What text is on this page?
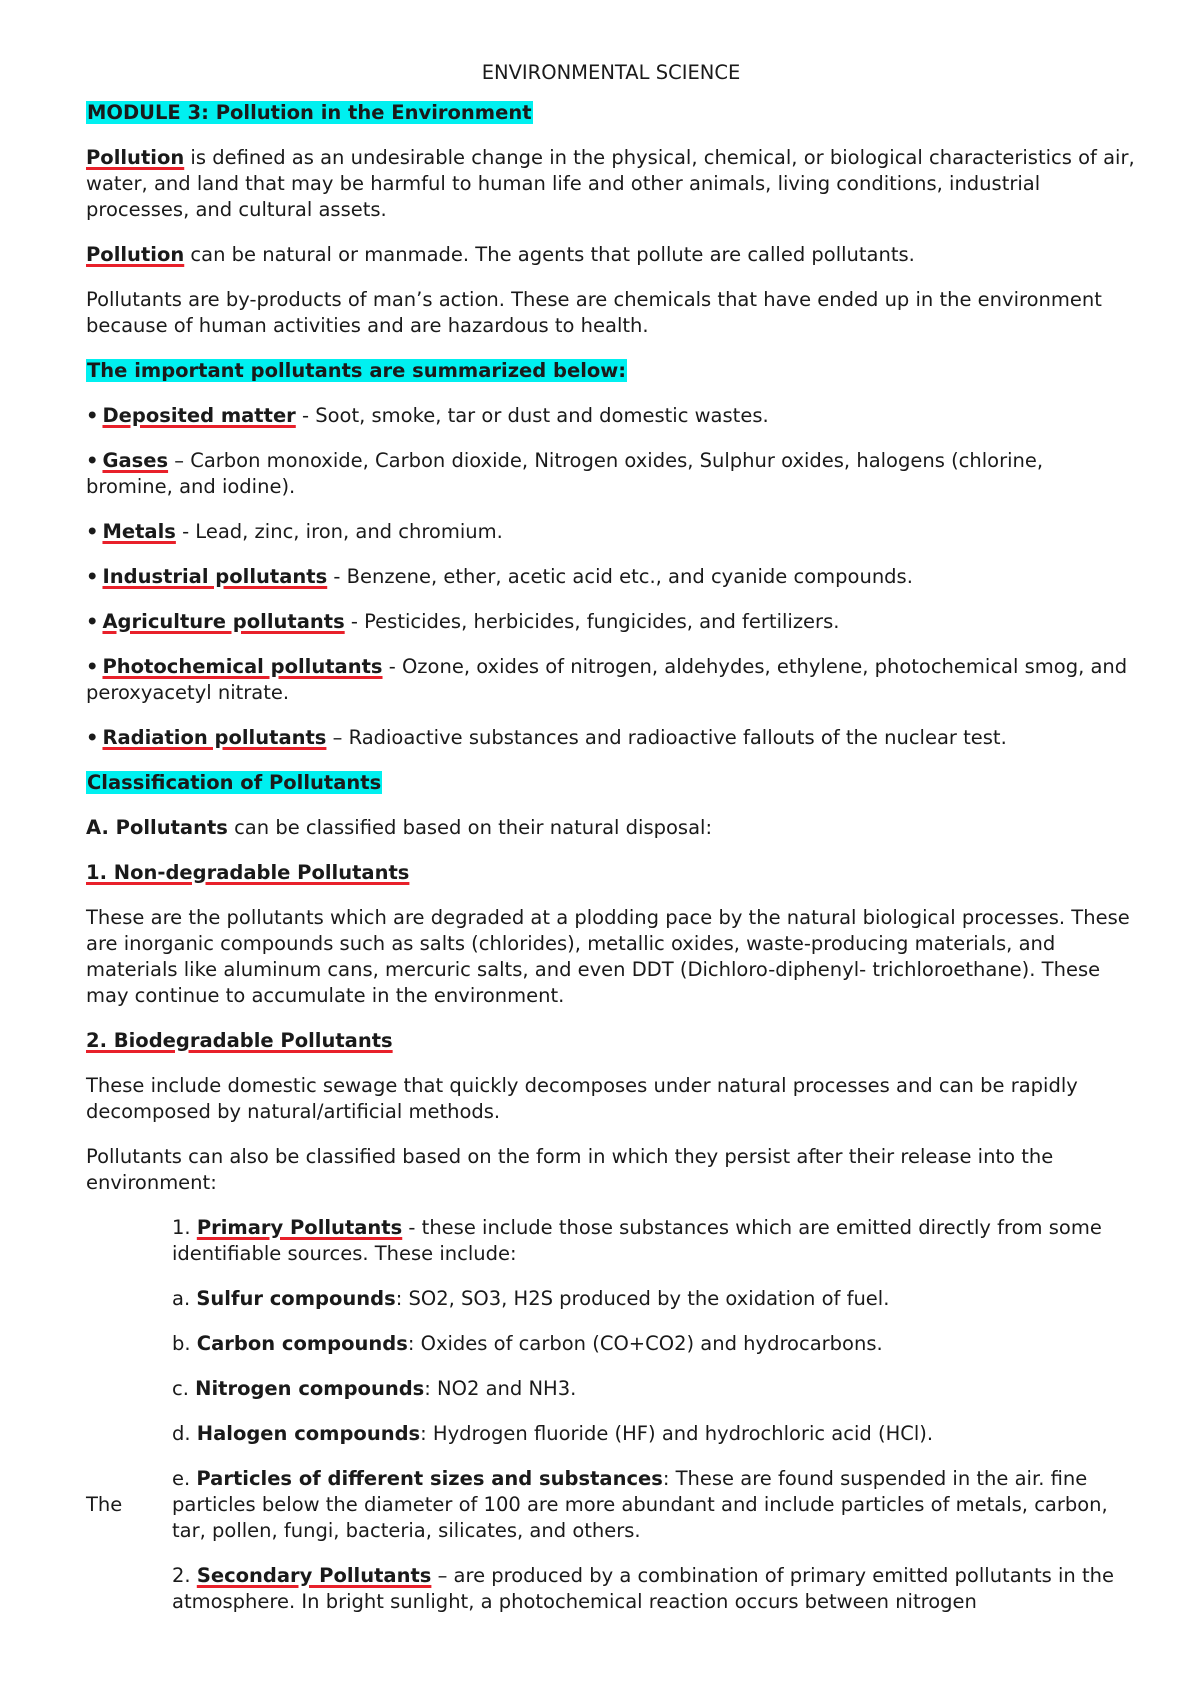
ENVIRONMENTAL SCIENCE

MODULE 3: Pollution in the Environment

Pollution is defined as an undesirable change in the physical, chemical, or biological characteristics of air, water, and land that may be harmful to human life and other animals, living conditions, industrial processes, and cultural assets.

Pollution can be natural or manmade. The agents that pollute are called pollutants.

Pollutants are by-products of man’s action. These are chemicals that have ended up in the environment because of human activities and are hazardous to health.

The important pollutants are summarized below:

• Deposited matter - Soot, smoke, tar or dust and domestic wastes.

• Gases – Carbon monoxide, Carbon dioxide, Nitrogen oxides, Sulphur oxides, halogens (chlorine, bromine, and iodine).

• Metals - Lead, zinc, iron, and chromium.

• Industrial pollutants - Benzene, ether, acetic acid etc., and cyanide compounds.

• Agriculture pollutants - Pesticides, herbicides, fungicides, and fertilizers.

• Photochemical pollutants - Ozone, oxides of nitrogen, aldehydes, ethylene, photochemical smog, and peroxyacetyl nitrate.

• Radiation pollutants – Radioactive substances and radioactive fallouts of the nuclear test.

Classification of Pollutants

A. Pollutants can be classified based on their natural disposal:

1. Non-degradable Pollutants

These are the pollutants which are degraded at a plodding pace by the natural biological processes. These are inorganic compounds such as salts (chlorides), metallic oxides, waste-producing materials, and materials like aluminum cans, mercuric salts, and even DDT (Dichloro-diphenyl- trichloroethane). These may continue to accumulate in the environment.

2. Biodegradable Pollutants

These include domestic sewage that quickly decomposes under natural processes and can be rapidly decomposed by natural/artificial methods.

Pollutants can also be classified based on the form in which they persist after their release into the environment:

1. Primary Pollutants - these include those substances which are emitted directly from some identifiable sources. These include:

a. Sulfur compounds: SO2, SO3, H2S produced by the oxidation of fuel.

b. Carbon compounds: Oxides of carbon (CO+CO2) and hydrocarbons.

c. Nitrogen compounds: NO2 and NH3.

d. Halogen compounds: Hydrogen fluoride (HF) and hydrochloric acid (HCl).

The
e. Particles of different sizes and substances: These are found suspended in the air. fine particles below the diameter of 100 are more abundant and include particles of metals, carbon, tar, pollen, fungi, bacteria, silicates, and others.

2. Secondary Pollutants – are produced by a combination of primary emitted pollutants in the atmosphere. In bright sunlight, a photochemical reaction occurs between nitrogen
